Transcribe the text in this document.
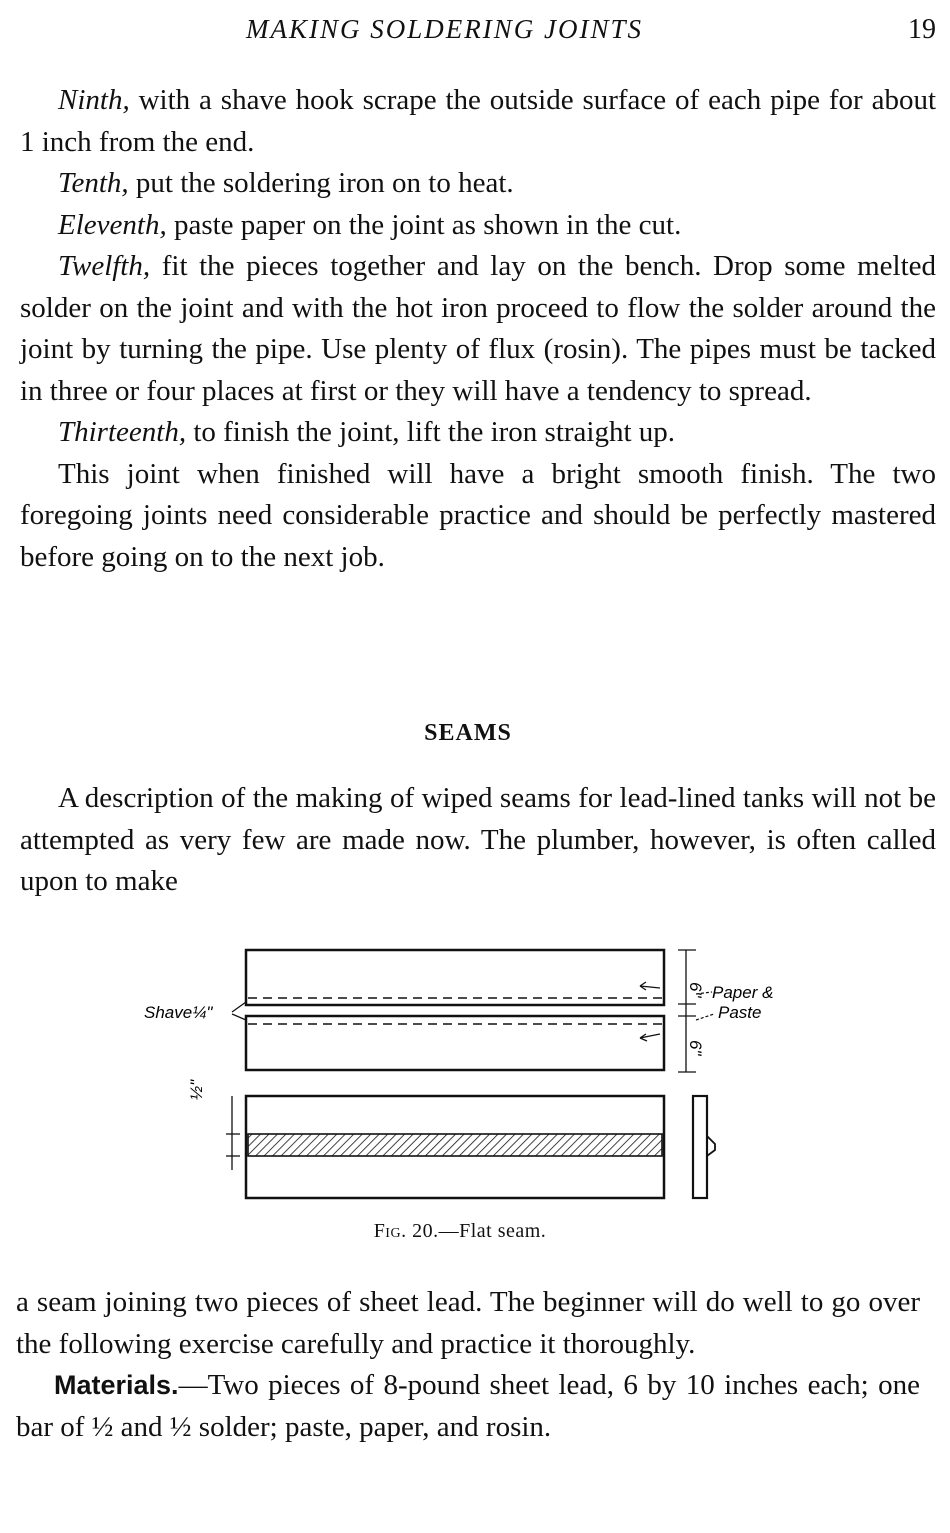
MAKING SOLDERING JOINTS	19

Ninth, with a shave hook scrape the outside surface of each pipe for about 1 inch from the end.

Tenth, put the soldering iron on to heat.

Eleventh, paste paper on the joint as shown in the cut.

Twelfth, fit the pieces together and lay on the bench. Drop some melted solder on the joint and with the hot iron proceed to flow the solder around the joint by turning the pipe. Use plenty of flux (rosin). The pipes must be tacked in three or four places at first or they will have a tendency to spread.

Thirteenth, to finish the joint, lift the iron straight up.

This joint when finished will have a bright smooth finish. The two foregoing joints need considerable practice and should be perfectly mastered before going on to the next job.

SEAMS

A description of the making of wiped seams for lead-lined tanks will not be attempted as very few are made now. The plumber, however, is often called upon to make

Shave¼"
6"
6"
Paper &
Paste
½"
Fig. 20.—Flat seam.

a seam joining two pieces of sheet lead. The beginner will do well to go over the following exercise carefully and practice it thoroughly.

Materials.—Two pieces of 8-pound sheet lead, 6 by 10 inches each; one bar of ½ and ½ solder; paste, paper, and rosin.
